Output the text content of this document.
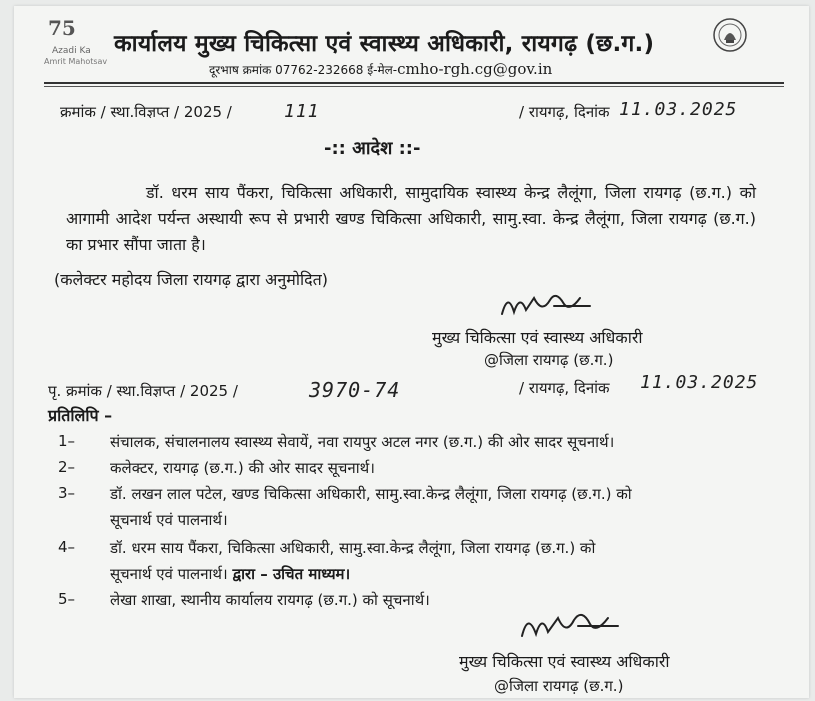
75
Azadi Ka
Amrit Mahotsav
कार्यालय मुख्य चिकित्सा एवं स्वास्थ्य अधिकारी, रायगढ़ (छ.ग.)
दूरभाष क्रमांक 07762-232668 ई-मेल-cmho-rgh.cg@gov.in
क्रमांक / स्था.विज्ञप्त / 2025 /	111	/ रायगढ़, दिनांक 11.03.2025
-:: आदेश ::-
डॉ. धरम साय पैंकरा, चिकित्सा अधिकारी, सामुदायिक स्वास्थ्य केन्द्र लैलूंगा, जिला रायगढ़ (छ.ग.) को आगामी आदेश पर्यन्त अस्थायी रूप से प्रभारी खण्ड चिकित्सा अधिकारी, सामु.स्वा. केन्द्र लैलूंगा, जिला रायगढ़ (छ.ग.) का प्रभार सौंपा जाता है।
(कलेक्टर महोदय जिला रायगढ़ द्वारा अनुमोदित)
मुख्य चिकित्सा एवं स्वास्थ्य अधिकारी
@जिला रायगढ़ (छ.ग.)
पृ. क्रमांक / स्था.विज्ञप्त / 2025 /	3970-74	/ रायगढ़, दिनांक 11.03.2025
प्रतिलिपि –
1– संचालक, संचालनालय स्वास्थ्य सेवायें, नवा रायपुर अटल नगर (छ.ग.) की ओर सादर सूचनार्थ।
2– कलेक्टर, रायगढ़ (छ.ग.) की ओर सादर सूचनार्थ।
3– डॉ. लखन लाल पटेल, खण्ड चिकित्सा अधिकारी, सामु.स्वा.केन्द्र लैलूंगा, जिला रायगढ़ (छ.ग.) को
सूचनार्थ एवं पालनार्थ।
4– डॉ. धरम साय पैंकरा, चिकित्सा अधिकारी, सामु.स्वा.केन्द्र लैलूंगा, जिला रायगढ़ (छ.ग.) को
सूचनार्थ एवं पालनार्थ। द्वारा – उचित माध्यम।
5– लेखा शाखा, स्थानीय कार्यालय रायगढ़ (छ.ग.) को सूचनार्थ।
मुख्य चिकित्सा एवं स्वास्थ्य अधिकारी
@जिला रायगढ़ (छ.ग.)
